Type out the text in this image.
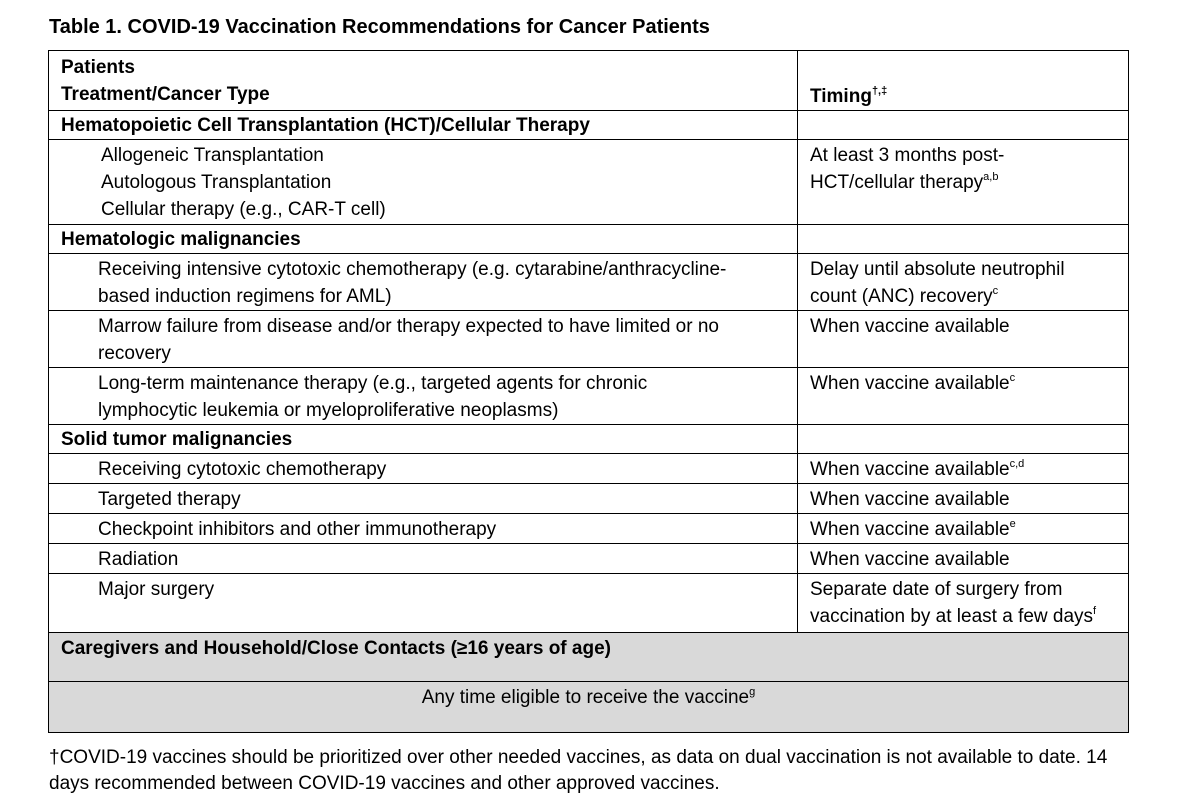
Table 1. COVID-19 Vaccination Recommendations for Cancer Patients
Patients
Treatment/Cancer Type	Timing†,‡
Hematopoietic Cell Transplantation (HCT)/Cellular Therapy	

Allogeneic Transplantation
Autologous Transplantation
Cellular therapy (e.g., CAR-T cell)	At least 3 months post-
HCT/cellular therapy$^{a,b}$

Hematologic malignancies	

Receiving intensive cytotoxic chemotherapy (e.g. cytarabine/anthracycline-
based induction regimens for AML)	Delay until absolute neutrophil
count (ANC) recovery$^c$

Marrow failure from disease and/or therapy expected to have limited or no
recovery	When vaccine available

Long-term maintenance therapy (e.g., targeted agents for chronic
lymphocytic leukemia or myeloproliferative neoplasms)	When vaccine available$^c$
Solid tumor malignancies	
Receiving cytotoxic chemotherapy	When vaccine available$^{c,d}$
Targeted therapy	When vaccine available
Checkpoint inhibitors and other immunotherapy	When vaccine available$^e$
Radiation	When vaccine available
Major surgery	Separate date of surgery from
vaccination by at least a few days$^f$

Caregivers and Household/Close Contacts (≥16 years of age)	
Any time eligible to receive the vaccine$^g$
†COVID-19 vaccines should be prioritized over other needed vaccines, as data on dual vaccination is not available to date. 14 days recommended between COVID-19 vaccines and other approved vaccines.
